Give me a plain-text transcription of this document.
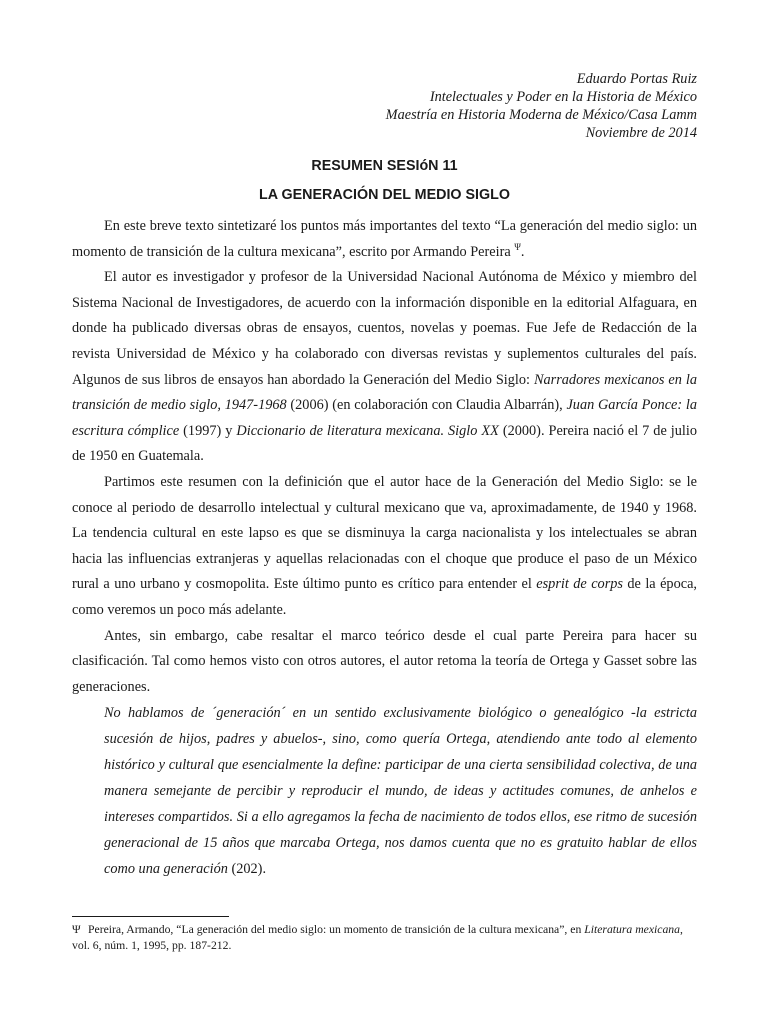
Eduardo Portas Ruiz
Intelectuales y Poder en la Historia de México
Maestría en Historia Moderna de México/Casa Lamm
Noviembre de 2014
RESUMEN SESIóN 11
LA GENERACIÓN DEL MEDIO SIGLO

En este breve texto sintetizaré los puntos más importantes del texto “La generación del medio siglo: un momento de transición de la cultura mexicana”, escrito por Armando Pereira $^\Psi$.

El autor es investigador y profesor de la Universidad Nacional Autónoma de México y miembro del Sistema Nacional de Investigadores, de acuerdo con la información disponible en la editorial Alfaguara, en donde ha publicado diversas obras de ensayos, cuentos, novelas y poemas. Fue Jefe de Redacción de la revista Universidad de México y ha colaborado con diversas revistas y suplementos culturales del país. Algunos de sus libros de ensayos han abordado la Generación del Medio Siglo: Narradores mexicanos en la transición de medio siglo, 1947-1968 (2006) (en colaboración con Claudia Albarrán), Juan García Ponce: la escritura cómplice (1997) y Diccionario de literatura mexicana. Siglo XX (2000). Pereira nació el 7 de julio de 1950 en Guatemala.

Partimos este resumen con la definición que el autor hace de la Generación del Medio Siglo: se le conoce al periodo de desarrollo intelectual y cultural mexicano que va, aproximadamente, de 1940 y 1968. La tendencia cultural en este lapso es que se disminuya la carga nacionalista y los intelectuales se abran hacia las influencias extranjeras y aquellas relacionadas con el choque que produce el paso de un México rural a uno urbano y cosmopolita. Este último punto es crítico para entender el esprit de corps de la época, como veremos un poco más adelante.

Antes, sin embargo, cabe resaltar el marco teórico desde el cual parte Pereira para hacer su clasificación. Tal como hemos visto con otros autores, el autor retoma la teoría de Ortega y Gasset sobre las generaciones.

No hablamos de ´generación´ en un sentido exclusivamente biológico o genealógico -la estricta sucesión de hijos, padres y abuelos-, sino, como quería Ortega, atendiendo ante todo al elemento histórico y cultural que esencialmente la define: participar de una cierta sensibilidad colectiva, de una manera semejante de percibir y reproducir el mundo, de ideas y actitudes comunes, de anhelos e intereses compartidos. Si a ello agregamos la fecha de nacimiento de todos ellos, ese ritmo de sucesión generacional de 15 años que marcaba Ortega, nos damos cuenta que no es gratuito hablar de ellos como una generación (202).

Ψ Pereira, Armando, “La generación del medio siglo: un momento de transición de la cultura mexicana”, en Literatura mexicana, vol. 6, núm. 1, 1995, pp. 187-212.
